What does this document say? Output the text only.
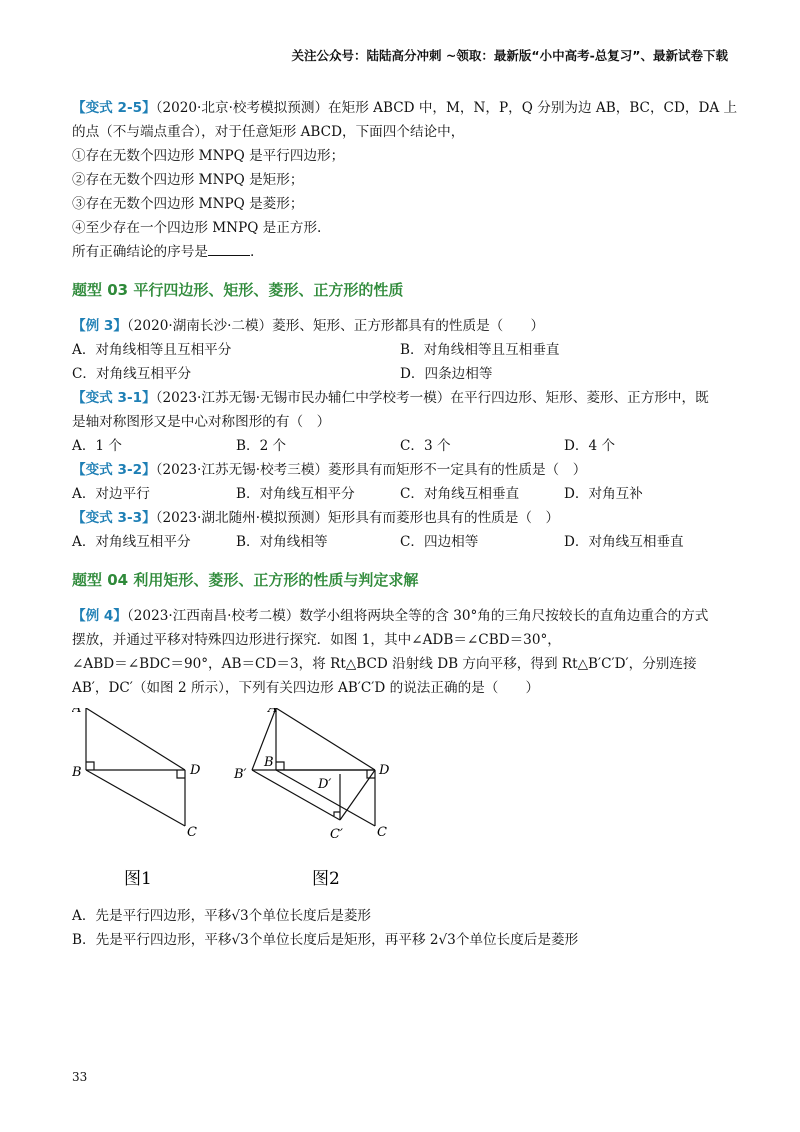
关注公众号：陆陆高分冲刺 ~领取：最新版“小中高考-总复习”、最新试卷下载
【变式 2-5】（2020·北京·校考模拟预测）在矩形 ABCD 中，M，N，P，Q 分别为边 AB，BC，CD，DA 上
的点（不与端点重合），对于任意矩形 ABCD，下面四个结论中，
①存在无数个四边形 MNPQ 是平行四边形；
②存在无数个四边形 MNPQ 是矩形；
③存在无数个四边形 MNPQ 是菱形；
④至少存在一个四边形 MNPQ 是正方形.
所有正确结论的序号是	.
题型 03 平行四边形、矩形、菱形、正方形的性质
【例 3】（2020·湖南长沙·二模）菱形、矩形、正方形都具有的性质是（　　）
A．对角线相等且互相平分	B．对角线相等且互相垂直
C．对角线互相平分	D．四条边相等
【变式 3-1】（2023·江苏无锡·无锡市民办辅仁中学校考一模）在平行四边形、矩形、菱形、正方形中，既
是轴对称图形又是中心对称图形的有（　）
A．1 个	B．2 个	C．3 个	D．4 个
【变式 3-2】（2023·江苏无锡·校考三模）菱形具有而矩形不一定具有的性质是（　）
A．对边平行	B．对角线互相平分	C．对角线互相垂直	D．对角互补
【变式 3-3】（2023·湖北随州·模拟预测）矩形具有而菱形也具有的性质是（　）
A．对角线互相平分	B．对角线相等	C．四边相等	D．对角线互相垂直
题型 04 利用矩形、菱形、正方形的性质与判定求解
【例 4】（2023·江西南昌·校考二模）数学小组将两块全等的含 30°角的三角尺按较长的直角边重合的方式
摆放，并通过平移对特殊四边形进行探究．如图 1，其中∠ADB＝∠CBD＝30°，
∠ABD＝∠BDC＝90°，AB＝CD＝3，将 Rt△BCD 沿射线 DB 方向平移，得到 Rt△B′C′D′，分别连接
AB′，DC′（如图 2 所示），下列有关四边形 AB′C′D 的说法正确的是（　　）
A
B	D
C
图1
A
B
B′
D′
D
C′	C
图2
A．先是平行四边形，平移√3个单位长度后是菱形
B．先是平行四边形，平移√3个单位长度后是矩形，再平移 2√3个单位长度后是菱形
33
